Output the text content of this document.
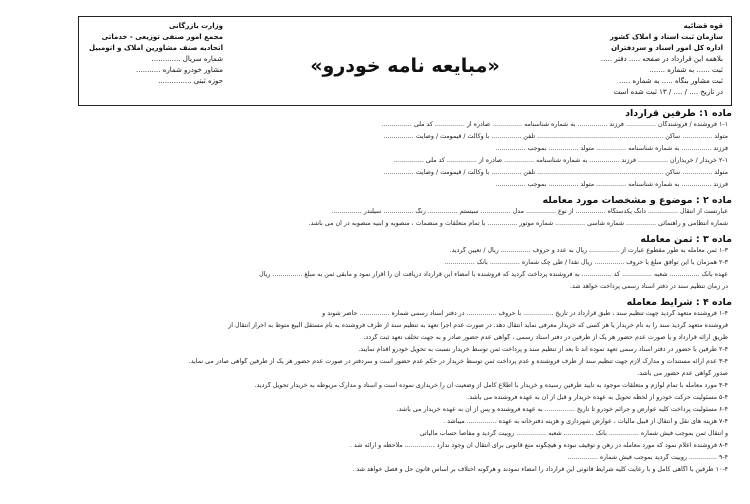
قوه قضائیه
سازمان ثبت اسناد و املاک کشور
اداره کل امور اسناد و سردفتران
بلاهمه این قرارداد در صفحه ..... دفتر .....
ثبت ...... به شماره .......
ثبت مشاور بنگاه ..... به شماره .....
در تاریخ .... / .... / ۱۳ ثبت شده است
وزارت بازرگانی
مجمع امور صنفی توزیعی - خدماتی
اتحادیه صنف مشاورین املاک و اتومبیل
شماره سریال .............
مشاور خودرو شماره ...........
حوزه ثبتی ...............
«مبایعه نامه خودرو»
ماده ۱: طرفین قرارداد
۱-۱ فروشنده / فروشندگان ............... فرزند ............... به شماره شناسنامه ............... صادره از ............... کد ملی ...............
متولد ............... ساکن ............................................................... تلفن ............... با وکالت / قیمومت / وصایت ...............
فرزند ............... به شماره شناسنامه ............... متولد ............... بموجب ...............
۲-۱ خریدار / خریداران ............... فرزند ............... به شماره شناسنامه ............... صادره از ............... کد ملی ...............
متولد ............... ساکن ............................................................... تلفن ............... با وکالت / قیمومت / وصایت ...............
فرزند ............... به شماره شناسنامه ............... متولد ............... بموجب ...............
ماده ۲ : موضوع و مشخصات مورد معامله
عبارتست از انتقال ............... دانگ یکدستگاه ............... از نوع ............... مدل ............... سیستم ............... رنگ ............... سیلندر ...............
شماره انتظامی و راهنمائی ............... شماره شاسی ............... شماره موتور ............... با تمام متعلقات و منضمات ، منصوبه و ابنیه منصوبه در آن می باشد.
ماده ۳ : ثمن معامله
۱-۳ ثمن معامله به طور مقطوع عبارت از ............... ریال به عدد و حروف ............... ریال / تعیین گردید.
۲-۳ همزمان با این توافق مبلغ با حروف ............... ریال نقدا / طی چک شماره ............... بانک ...............
عهده بانک ............... شعبه ............... کد ............... به فروشنده پرداخت گردید که فروشنده با امضاء این قرارداد دریافت آن را اقرار نمود و مابقی ثمن به مبلغ ............... ریال
در زمان تنظیم سند در دفتر اسناد رسمی پرداخت خواهد شد.
ماده ۴ : شرایط معامله
۱-۴ فروشنده متعهد گردید جهت تنظیم سند ، طبق قرارداد در تاریخ ............... با حروف ............... در دفتر اسناد رسمی شماره ............... حاضر شوند و
فروشنده متعهد گردید سند را به نام خریدار یا هر کسی که خریدار معرفی نماید انتقال دهد. در صورت عدم اجرا تعهد به تنظیم سند از طرف فروشنده به نام مستقل البیع متوط به احراز انتقال از
طریق ارائه قرارداد و یا صورت عدم حضور هر یک از طرفین در دفتر اسناد رسمی ، گواهی عدم حضور صادر و به جهت تخلف تعهد ثبت گردد.
۲-۴ طرفین با حضور در دفتر اسناد رسمی تعهد نموده اند تا بعد از تنظیم سند و پرداخت ثمن توسط خریدار نسبت به تحویل خودرو اقدام نمایند.
۳-۴ عدم ارائه مستندات و مدارک لازم جهت تنظیم سند از طرف فروشنده و عدم پرداخت ثمن توسط خریدار در حکم عدم حضور است و سردفتر در صورت عدم حضور هر یک از طرفین گواهی صادر می نماید.
صدور گواهی عدم حضور می باشد.
۴-۴ مورد معامله با تمام لوازم و متعلقات موجود به تایید طرفین رسیده و خریدار با اطلاع کامل از وضعیت آن را خریداری نموده است و اسناد و مدارک مربوطه به خریدار تحویل گردید.
۵-۴ مسئولیت حرکت خودرو از لحظه تحویل به عهده خریدار و قبل از آن به عهده فروشنده می باشد.
۶-۴ مسئولیت پرداخت کلیه عوارض و جرائم خودرو تا تاریخ ............... به عهده فروشنده و پس از آن به عهده خریدار می باشد.
۷-۴ هزینه های نقل و انتقال از قبیل مالیات ، عوارض شهرداری و هزینه دفترخانه به عهده ............... میباشد .
و انتقال ثمن بموجب فیش شماره ............... بانک ............... شعبه ............... روییت گردید و مفاصا حساب مالیاتی
۸-۴ فروشنده اعلام نمود که مورد معامله در رهن و توقیف نبوده و هیچگونه منع قانونی برای انتقال آن وجود ندارد ............... ملاحظه و ارائه شد .
۹-۴ .............. روییت گردید بموجب فیش شماره ...............
۱۰-۴ طرفین با آگاهی کامل و با رعایت کلیه شرایط قانونی این قرارداد را امضاء نمودند و هرگونه اختلاف بر اساس قانون حل و فصل خواهد شد .
